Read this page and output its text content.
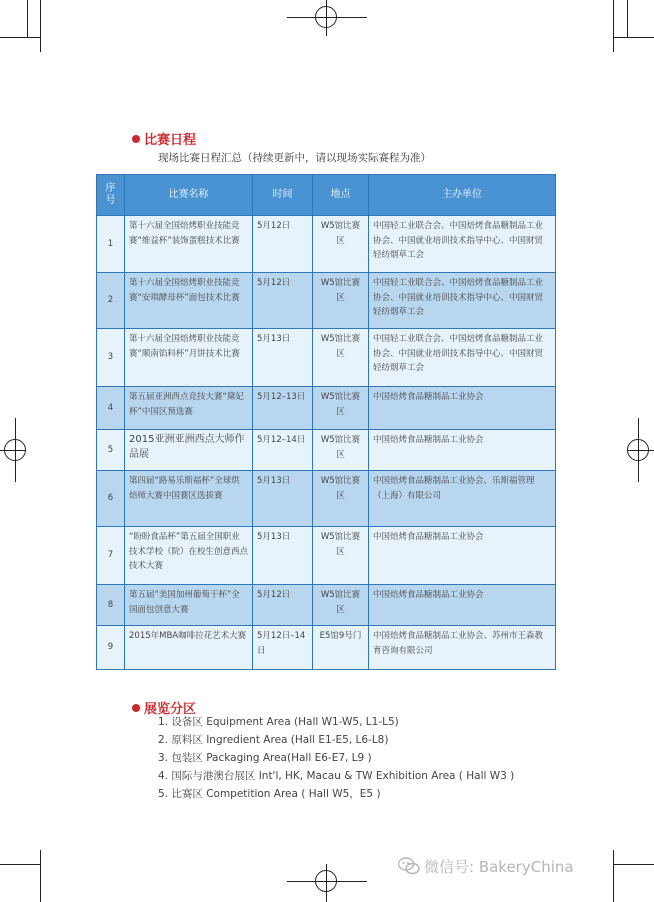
比赛日程
现场比赛日程汇总（持续更新中，请以现场实际赛程为准）
序号	比赛名称	时间	地点	主办单位
1	第十六届全国焙烤职业技能竞赛“维益杯”装饰蛋糕技术比赛	5月12日	W5馆比赛区	中国轻工业联合会、中国焙烤食品糖制品工业协会、中国就业培训技术指导中心、中国财贸轻纺烟草工会
2	第十六届全国焙烤职业技能竞赛“安琪酵母杯”面包技术比赛	5月12日	W5馆比赛区	中国轻工业联合会、中国焙烤食品糖制品工业协会、中国就业培训技术指导中心、中国财贸轻纺烟草工会
3	第十六届全国焙烤职业技能竞赛“顺南馅料杯”月饼技术比赛	5月13日	W5馆比赛区	中国轻工业联合会、中国焙烤食品糖制品工业协会、中国就业培训技术指导中心、中国财贸轻纺烟草工会
4	第五届亚洲西点竞技大赛“黛妃杯”中国区预选赛	5月12–13日	W5馆比赛区	中国焙烤食品糖制品工业协会
5	2015亚洲亚洲西点大师作品展	5月12–14日	W5馆比赛区	中国焙烤食品糖制品工业协会
6	第四届“路易乐斯福杯”全球烘焙师大赛中国赛区选拔赛	5月13日	W5馆比赛区	中国焙烤食品糖制品工业协会、乐斯福管理（上海）有限公司
7	“盼盼食品杯”第五届全国职业技术学校（院）在校生创意西点技术大赛	5月13日	W5馆比赛区	中国焙烤食品糖制品工业协会
8	第五届“美国加州葡萄干杯”全国面包创意大赛	5月12日	W5馆比赛区	中国焙烤食品糖制品工业协会
9	2015年MBA咖啡拉花艺术大赛	5月12日–14日	E5馆9号门	中国焙烤食品糖制品工业协会、苏州市王森教育咨询有限公司
展览分区
1. 设备区 Equipment Area (Hall W1-W5, L1-L5)
2. 原料区 Ingredient Area (Hall E1-E5, L6-L8)
3. 包装区 Packaging Area(Hall E6-E7, L9 )
4. 国际与港澳台展区 Int'l, HK, Macau & TW Exhibition Area ( Hall W3 )
5. 比赛区 Competition Area ( Hall W5，E5 )
微信号: BakeryChina
